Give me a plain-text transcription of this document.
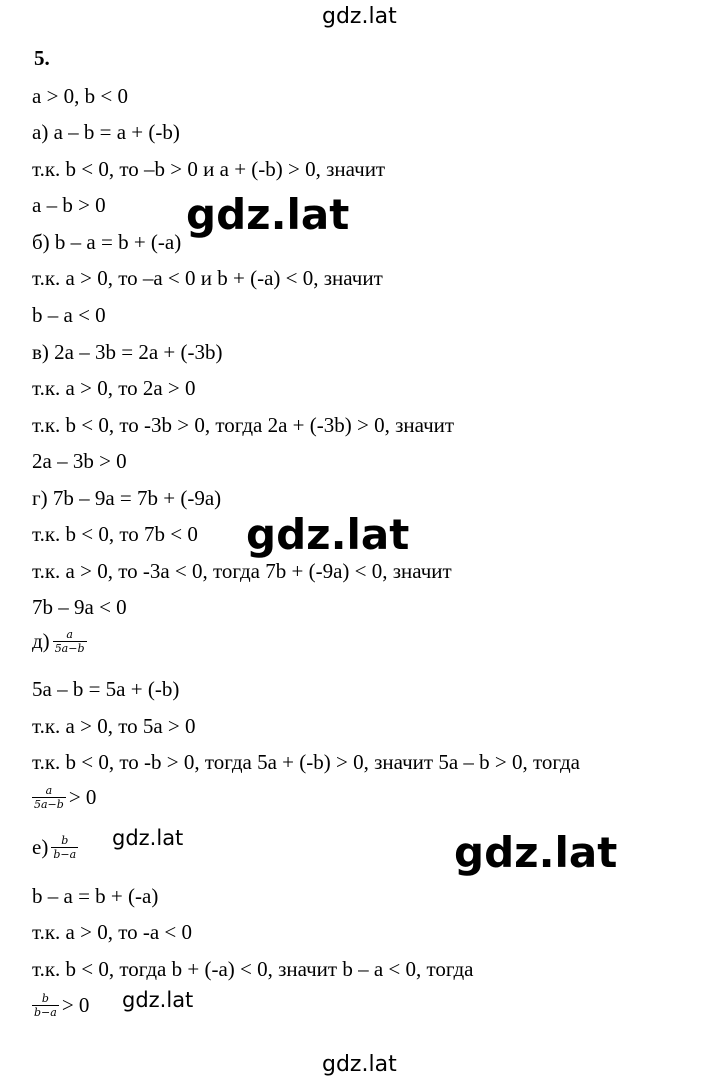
gdz.lat
gdz.lat
gdz.lat
gdz.lat
gdz.lat
gdz.lat
gdz.lat
5.
a > 0, b < 0
а) a – b = a + (-b)
т.к. b < 0, то –b > 0 и a + (-b) > 0, значит
a – b > 0
б) b – a = b + (-a)
т.к. a > 0, то –a < 0 и b + (-a) < 0, значит
b – a < 0
в) 2a – 3b = 2a + (-3b)
т.к. a > 0, то 2a > 0
т.к. b < 0, то -3b > 0, тогда 2a + (-3b) > 0, значит
2a – 3b > 0
г) 7b – 9a = 7b + (-9a)
т.к. b < 0, то 7b < 0
т.к. a > 0, то -3a < 0, тогда 7b + (-9a) < 0, значит
7b – 9a < 0
$д) \frac{a}{5a-b}$
5a – b = 5a + (-b)
т.к. a > 0, то 5a > 0
т.к. b < 0, то -b > 0, тогда 5a + (-b) > 0, значит 5a – b > 0, тогда
$\frac{a}{5a-b} > 0$
$е) \frac{b}{b-a}$
b – a = b + (-a)
т.к. a > 0, то -a < 0
т.к. b < 0, тогда b + (-a) < 0, значит b – a < 0, тогда
$\frac{b}{b-a} > 0$
